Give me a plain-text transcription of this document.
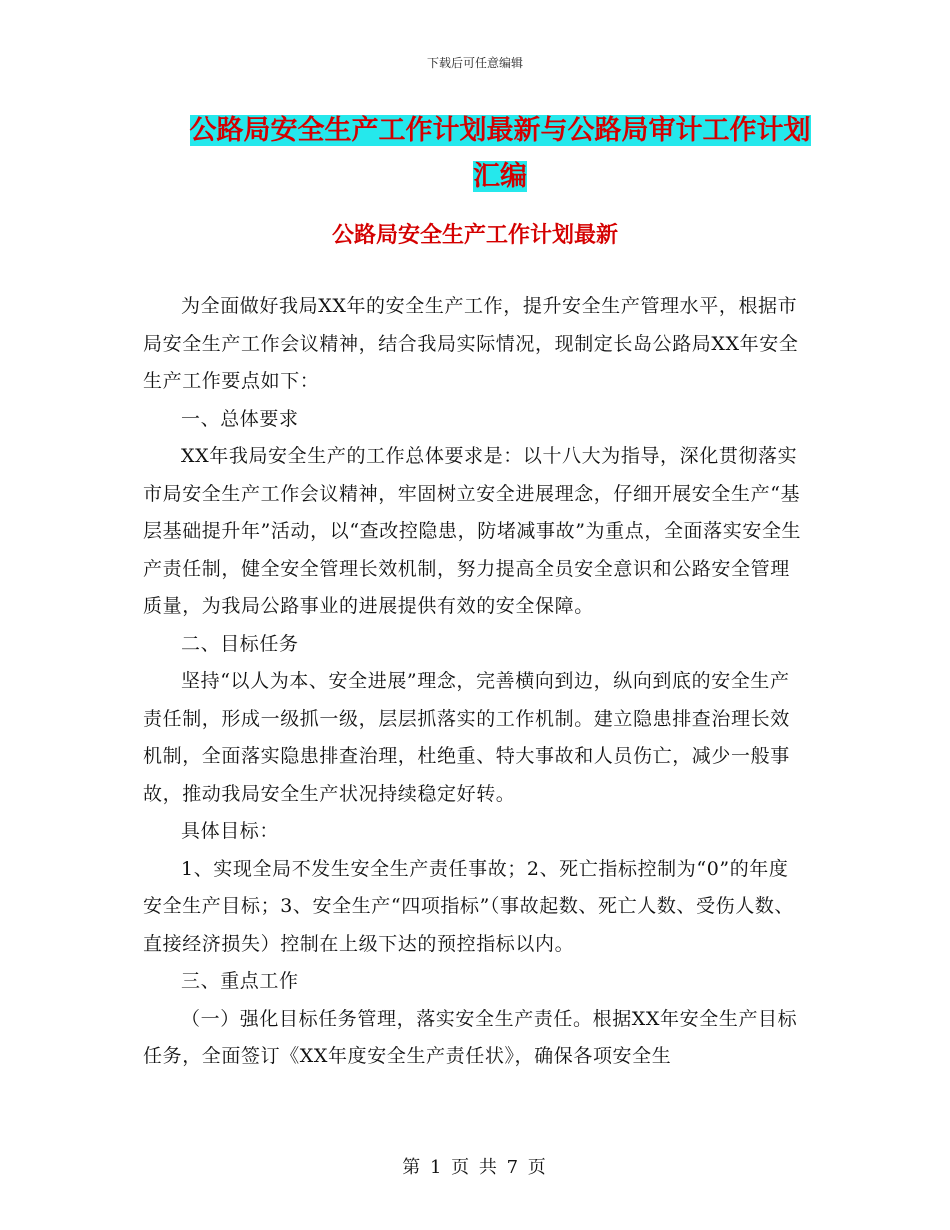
下载后可任意编辑
公路局安全生产工作计划最新与公路局审计工作计划汇编
公路局安全生产工作计划最新

为全面做好我局XX年的安全生产工作，提升安全生产管理水平，根据市局安全生产工作会议精神，结合我局实际情况，现制定长岛公路局XX年安全生产工作要点如下：

一、总体要求

XX年我局安全生产的工作总体要求是：以十八大为指导，深化贯彻落实市局安全生产工作会议精神，牢固树立安全进展理念，仔细开展安全生产“基层基础提升年”活动，以“查改控隐患，防堵减事故”为重点，全面落实安全生产责任制，健全安全管理长效机制，努力提高全员安全意识和公路安全管理质量，为我局公路事业的进展提供有效的安全保障。

二、目标任务

坚持“以人为本、安全进展”理念，完善横向到边，纵向到底的安全生产责任制，形成一级抓一级，层层抓落实的工作机制。建立隐患排查治理长效机制，全面落实隐患排查治理，杜绝重、特大事故和人员伤亡，减少一般事故，推动我局安全生产状况持续稳定好转。

具体目标：

1、实现全局不发生安全生产责任事故；2、死亡指标控制为“0”的年度安全生产目标；3、安全生产“四项指标”（事故起数、死亡人数、受伤人数、直接经济损失）控制在上级下达的预控指标以内。

三、重点工作

（一）强化目标任务管理，落实安全生产责任。根据XX年安全生产目标任务，全面签订《XX年度安全生产责任状》，确保各项安全生

第 1 页 共 7 页
